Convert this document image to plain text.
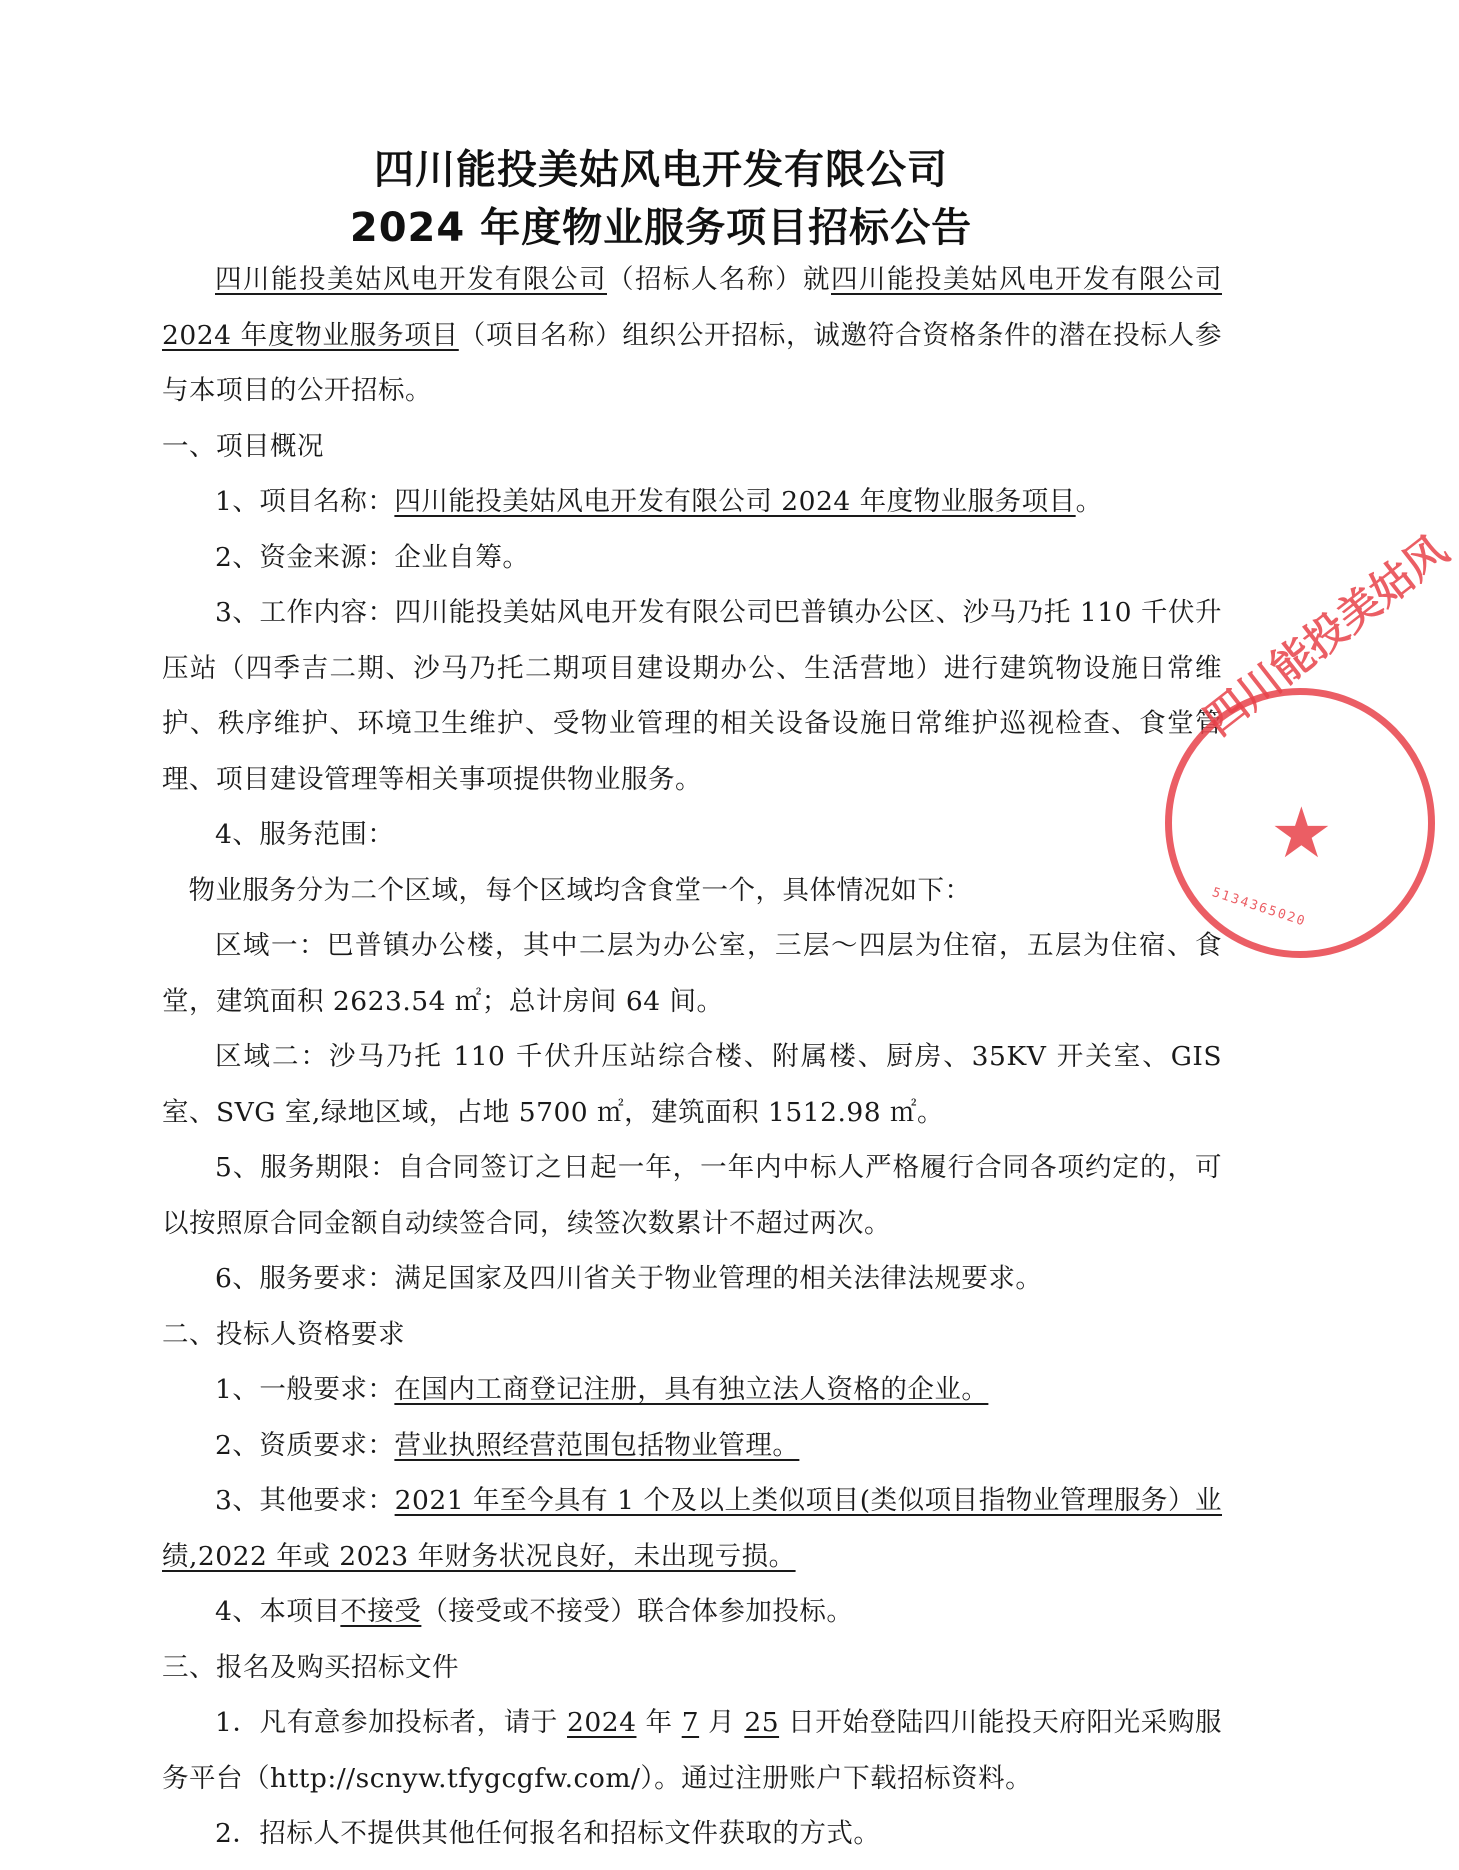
四川能投美姑风电开发有限公司
2024 年度物业服务项目招标公告

四川能投美姑风电开发有限公司（招标人名称）就四川能投美姑风电开发有限公司 2024 年度物业服务项目（项目名称）组织公开招标，诚邀符合资格条件的潜在投标人参与本项目的公开招标。

一、项目概况

1、项目名称：四川能投美姑风电开发有限公司 2024 年度物业服务项目。

2、资金来源：企业自筹。

3、工作内容：四川能投美姑风电开发有限公司巴普镇办公区、沙马乃托 110 千伏升压站（四季吉二期、沙马乃托二期项目建设期办公、生活营地）进行建筑物设施日常维护、秩序维护、环境卫生维护、受物业管理的相关设备设施日常维护巡视检查、食堂管理、项目建设管理等相关事项提供物业服务。

4、服务范围：

物业服务分为二个区域，每个区域均含食堂一个，具体情况如下：

区域一：巴普镇办公楼，其中二层为办公室，三层～四层为住宿，五层为住宿、食堂，建筑面积 2623.54 ㎡；总计房间 64 间。

区域二：沙马乃托 110 千伏升压站综合楼、附属楼、厨房、35KV 开关室、GIS 室、SVG 室,绿地区域，占地 5700 ㎡，建筑面积 1512.98 ㎡。

5、服务期限：自合同签订之日起一年，一年内中标人严格履行合同各项约定的，可以按照原合同金额自动续签合同，续签次数累计不超过两次。

6、服务要求：满足国家及四川省关于物业管理的相关法律法规要求。

二、投标人资格要求

1、一般要求：在国内工商登记注册，具有独立法人资格的企业。

2、资质要求：营业执照经营范围包括物业管理。

3、其他要求：2021 年至今具有 1 个及以上类似项目(类似项目指物业管理服务）业绩,2022 年或 2023 年财务状况良好，未出现亏损。

4、本项目不接受（接受或不接受）联合体参加投标。

三、报名及购买招标文件

1．凡有意参加投标者，请于 2024 年 7 月 25 日开始登陆四川能投天府阳光采购服务平台（http://scnyw.tfygcgfw.com/）。通过注册账户下载招标资料。

2．招标人不提供其他任何报名和招标文件获取的方式。

四川能投美姑风
★
5134365020
